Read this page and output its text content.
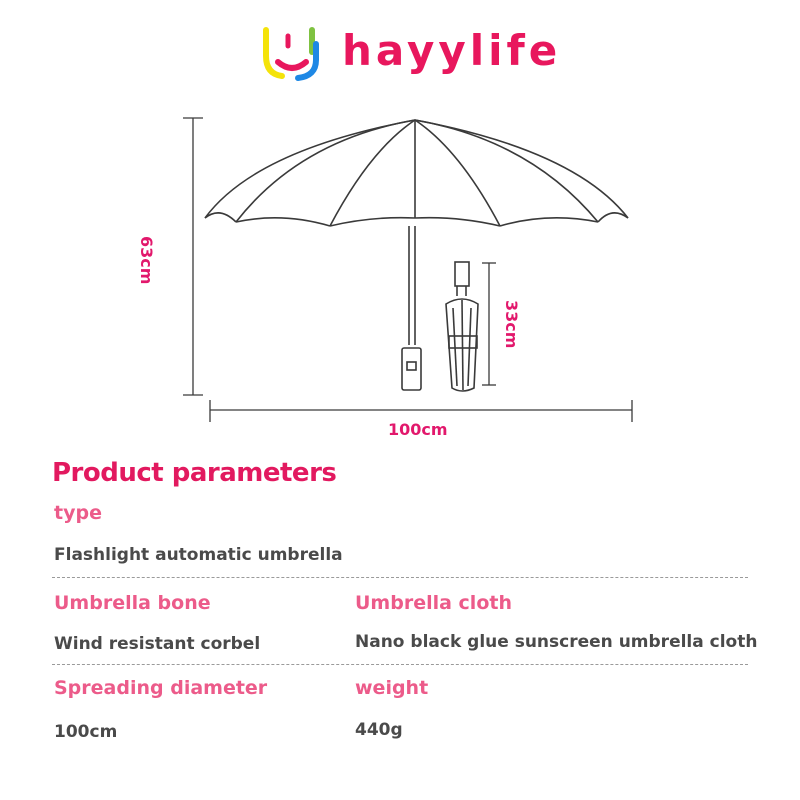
hayylife
63cm
33cm
100cm
Product parameters
type
Flashlight automatic umbrella
Umbrella bone	Umbrella cloth
Wind resistant corbel	Nano black glue sunscreen umbrella cloth
Spreading diameter	weight
100cm	440g
